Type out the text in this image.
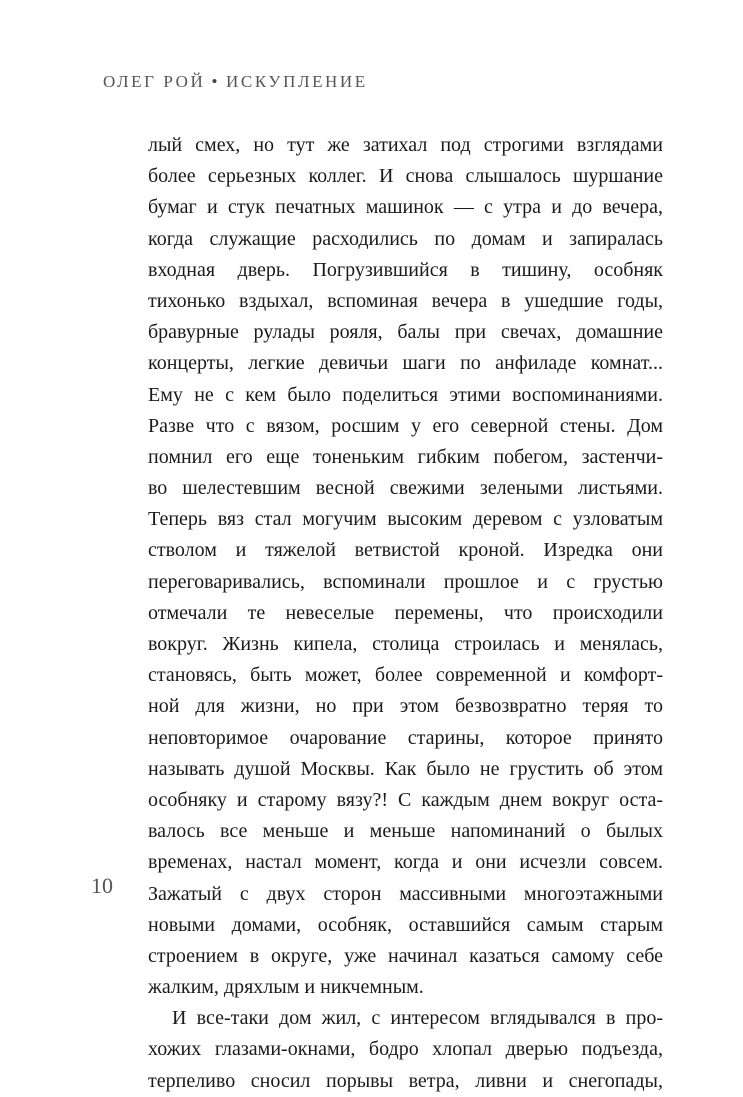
ОЛЕГ РОЙ • ИСКУПЛЕНИЕ
лый смех, но тут же затихал под строгими взглядами
более серьезных коллег. И снова слышалось шуршание
бумаг и стук печатных машинок — с утра и до вечера,
когда служащие расходились по домам и запиралась
входная дверь. Погрузившийся в тишину, особняк
тихонько вздыхал, вспоминая вечера в ушедшие годы,
бравурные рулады рояля, балы при свечах, домашние
концерты, легкие девичьи шаги по анфиладе комнат...
Ему не с кем было поделиться этими воспоминаниями.
Разве что с вязом, росшим у его северной стены. Дом
помнил его еще тоненьким гибким побегом, застенчи-
во шелестевшим весной свежими зелеными листьями.
Теперь вяз стал могучим высоким деревом с узловатым
стволом и тяжелой ветвистой кроной. Изредка они
переговаривались, вспоминали прошлое и с грустью
отмечали те невеселые перемены, что происходили
вокруг. Жизнь кипела, столица строилась и менялась,
становясь, быть может, более современной и комфорт-
ной для жизни, но при этом безвозвратно теряя то
неповторимое очарование старины, которое принято
называть душой Москвы. Как было не грустить об этом
особняку и старому вязу?! С каждым днем вокруг оста-
валось все меньше и меньше напоминаний о былых
временах, настал момент, когда и они исчезли совсем.
Зажатый с двух сторон массивными многоэтажными
новыми домами, особняк, оставшийся самым старым
строением в округе, уже начинал казаться самому себе
жалким, дряхлым и никчемным.
И все-таки дом жил, с интересом вглядывался в про-
хожих глазами-окнами, бодро хлопал дверью подъезда,
терпеливо сносил порывы ветра, ливни и снегопады,
10
